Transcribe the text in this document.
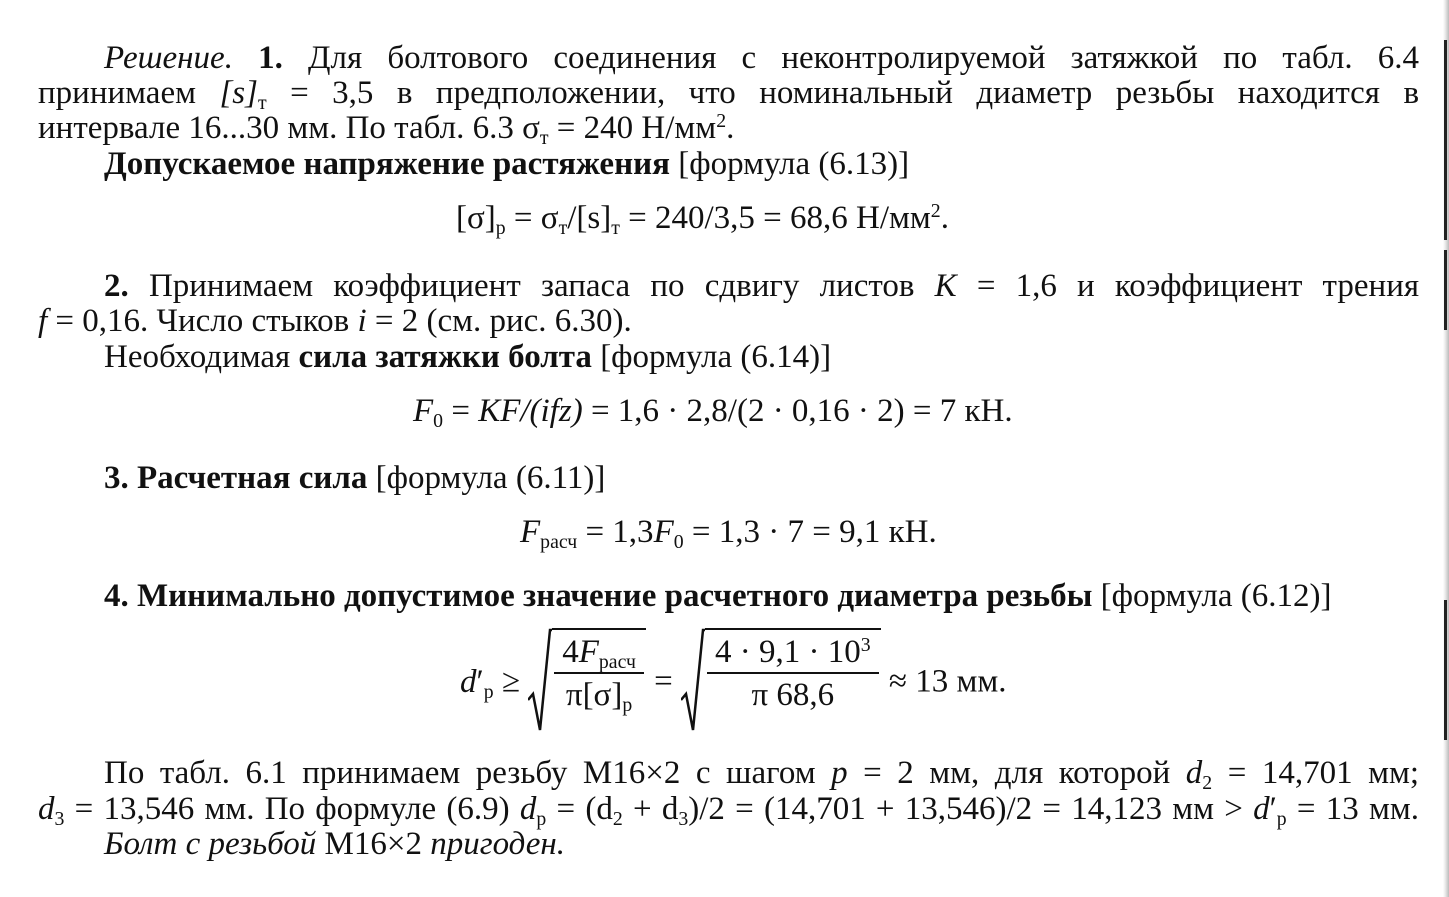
Решение. 1. Для болтового соединения с неконтролируемой затяжкой по табл. 6.4
принимаем $[s]_т = 3,5$ в предположении, что номинальный диаметр резьбы находится в
интервале 16...30 мм. По табл. 6.3 $\sigma_т = 240$ $Н/мм^2$.
Допускаемое напряжение растяжения [формула (6.13)]
$[\sigma]_р = \sigma_т/[s]_т = 240/3,5 = 68,6$ $Н/мм^2$.
2. Принимаем коэффициент запаса по сдвигу листов K = 1,6 и коэффициент трения
f = 0,16. Число стыков i = 2 (см. рис. 6.30).
Необходимая сила затяжки болта [формула (6.14)]
$F_0 = KF/(ifz) = 1,6 \cdot 2,8/(2 \cdot 0,16 \cdot 2) = 7$ кН.
3. Расчетная сила [формула (6.11)]
$F_{расч} = 1,3F_0 = 1,3 \cdot 7 = 9,1$ кН.
4. Минимально допустимое значение расчетного диаметра резьбы [формула (6.12)]
$d'_р \ge \frac{4F_{расч}}{\pi[\sigma]_р} = \frac{4 \cdot 9,1 \cdot 10^3}{\pi 68,6} \approx 13$ мм.
По табл. 6.1 принимаем резьбу М16×2 с шагом p = 2 мм, для которой $d_2 = 14,701$ мм;
$d_3 = 13,546$ мм. По формуле (6.9) $d_р = (d_2 + d_3)/2 = (14,701 + 13,546)/2 = 14,123$ мм > $d'_р = 13$ мм.
Болт с резьбой М16×2 пригоден.
